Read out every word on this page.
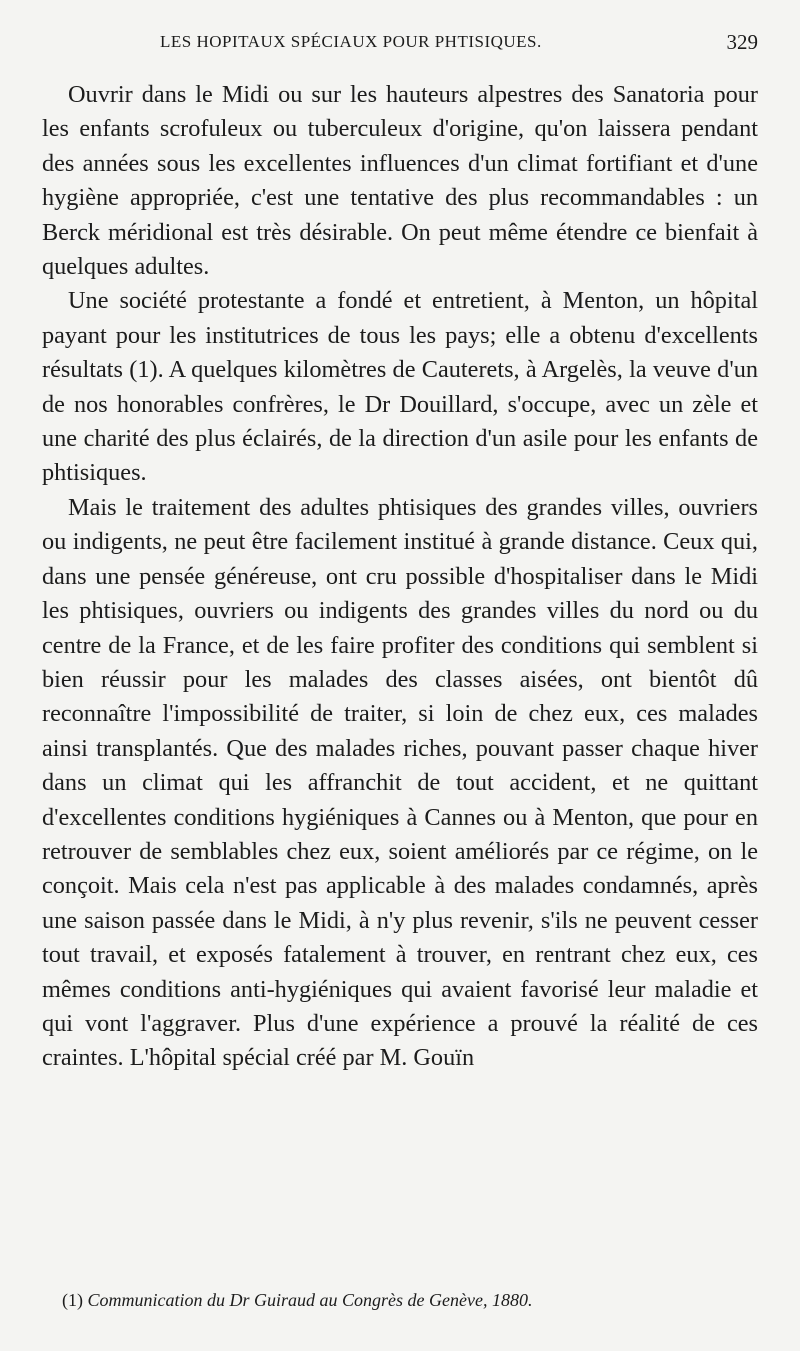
LES HOPITAUX SPÉCIAUX POUR PHTISIQUES.	329

Ouvrir dans le Midi ou sur les hauteurs alpestres des Sanatoria pour les enfants scrofuleux ou tuberculeux d'origine, qu'on laissera pendant des années sous les excellentes influences d'un climat fortifiant et d'une hygiène appropriée, c'est une tentative des plus recommandables : un Berck méridional est très désirable. On peut même étendre ce bienfait à quelques adultes.

Une société protestante a fondé et entretient, à Menton, un hôpital payant pour les institutrices de tous les pays; elle a obtenu d'excellents résultats (1). A quelques kilomètres de Cauterets, à Argelès, la veuve d'un de nos honorables confrères, le Dr Douillard, s'occupe, avec un zèle et une charité des plus éclairés, de la direction d'un asile pour les enfants de phtisiques.

Mais le traitement des adultes phtisiques des grandes villes, ouvriers ou indigents, ne peut être facilement institué à grande distance. Ceux qui, dans une pensée généreuse, ont cru possible d'hospitaliser dans le Midi les phtisiques, ouvriers ou indigents des grandes villes du nord ou du centre de la France, et de les faire profiter des conditions qui semblent si bien réussir pour les malades des classes aisées, ont bientôt dû reconnaître l'impossibilité de traiter, si loin de chez eux, ces malades ainsi transplantés. Que des malades riches, pouvant passer chaque hiver dans un climat qui les affranchit de tout accident, et ne quittant d'excellentes conditions hygiéniques à Cannes ou à Menton, que pour en retrouver de semblables chez eux, soient améliorés par ce régime, on le conçoit. Mais cela n'est pas applicable à des malades condamnés, après une saison passée dans le Midi, à n'y plus revenir, s'ils ne peuvent cesser tout travail, et exposés fatalement à trouver, en rentrant chez eux, ces mêmes conditions anti-hygiéniques qui avaient favorisé leur maladie et qui vont l'aggraver. Plus d'une expérience a prouvé la réalité de ces craintes. L'hôpital spécial créé par M. Gouïn

(1) Communication du Dr Guiraud au Congrès de Genève, 1880.
